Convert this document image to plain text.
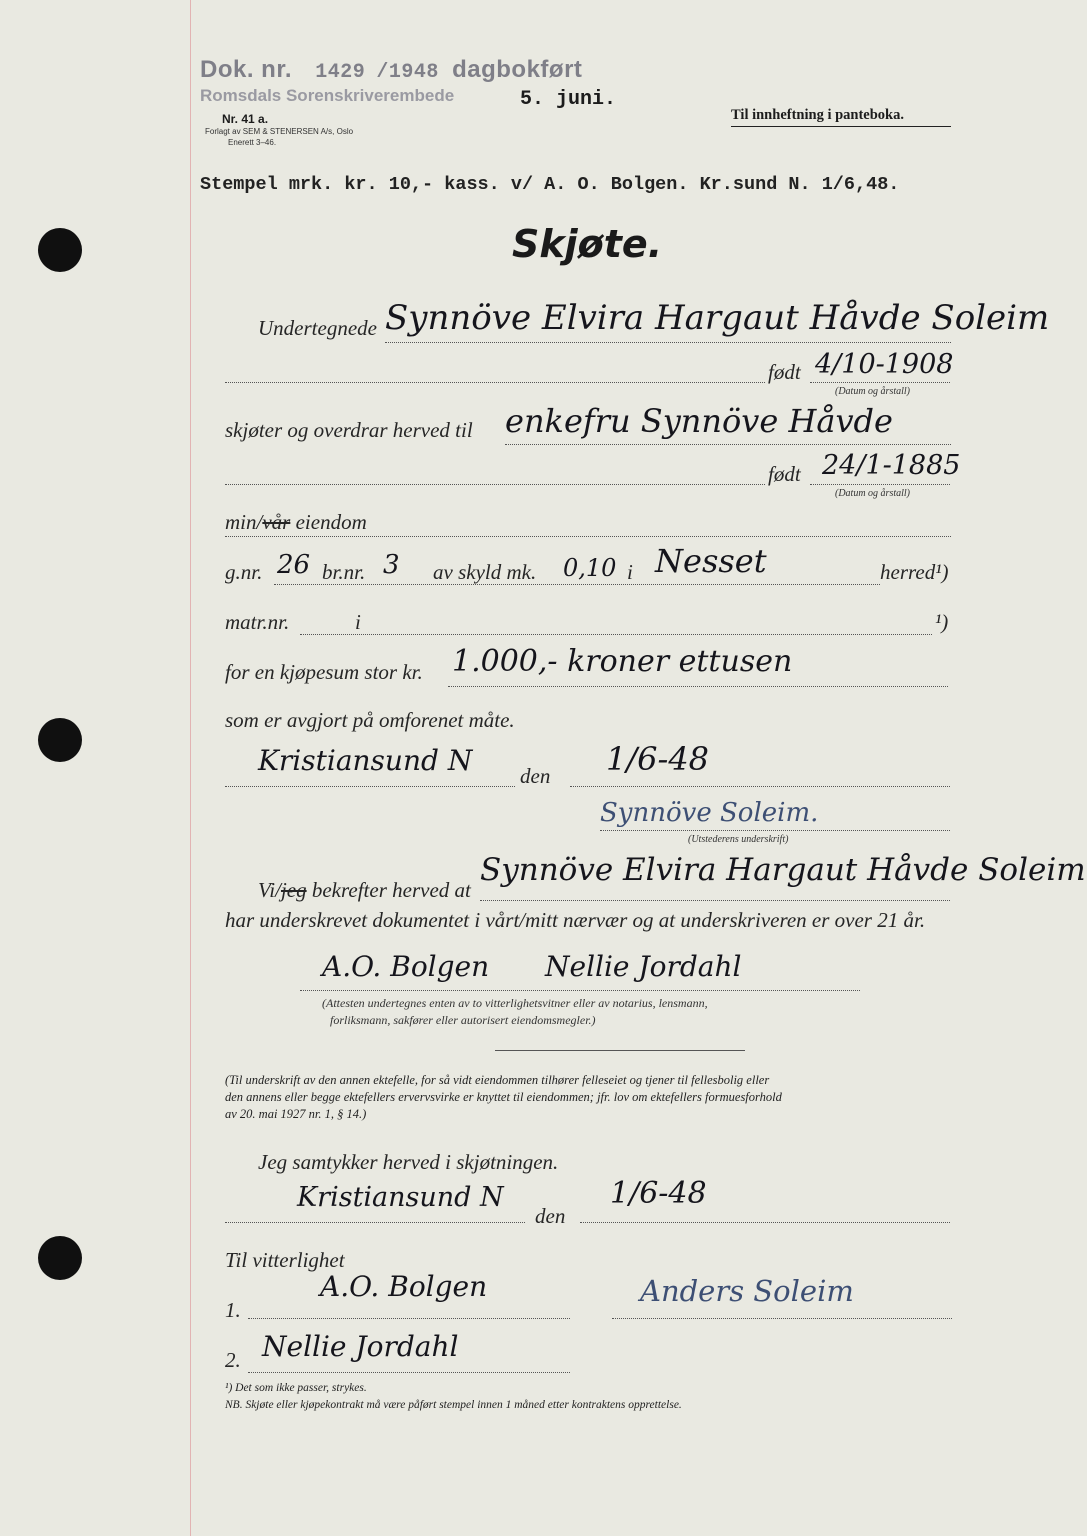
Dok. nr. 1429 /1948 dagbokført
Romsdals Sorenskriverembede	5. juni.
Nr. 41 a.
Forlagt av SEM & STENERSEN A/s, Oslo
Enerett 3–46.
Til innheftning i panteboka.
Stempel mrk. kr. 10,- kass. v/ A. O. Bolgen. Kr.sund N. 1/6,48.
Skjøte.
Undertegnede Synnöve Elvira Hargaut Håvde Soleim
født 4/10-1908
(Datum og årstall)
skjøter og overdrar herved til enkefru Synnöve Håvde
født 24/1-1885
(Datum og årstall)
min/vår eiendom
g.nr. 26 br.nr. 3 av skyld mk. 0,10 i Nesset	herred¹)
matr.nr.	i	¹)
for en kjøpesum stor kr. 1.000,- kroner ettusen
som er avgjort på omforenet måte.
Kristiansund N den 1/6-48
Synnöve Soleim.
(Utstederens underskrift)
Vi/jeg bekrefter herved at
Synnöve Elvira Hargaut Håvde Soleim
har underskrevet dokumentet i vårt/mitt nærvær og at underskriveren er over 21 år.
A.O. Bolgen Nellie Jordahl
(Attesten undertegnes enten av to vitterlighetsvitner eller av notarius, lensmann,
forliksmann, sakfører eller autorisert eiendomsmegler.)
(Til underskrift av den annen ektefelle, for så vidt eiendommen tilhører felleseiet og tjener til fellesbolig eller
den annens eller begge ektefellers ervervsvirke er knyttet til eiendommen; jfr. lov om ektefellers formuesforhold
av 20. mai 1927 nr. 1, § 14.)
Jeg samtykker herved i skjøtningen.
Kristiansund N
den
1/6-48
Til vitterlighet
1.
A.O. Bolgen	Anders Soleim
2. Nellie Jordahl
¹) Det som ikke passer, strykes.
NB. Skjøte eller kjøpekontrakt må være påført stempel innen 1 måned etter kontraktens opprettelse.
